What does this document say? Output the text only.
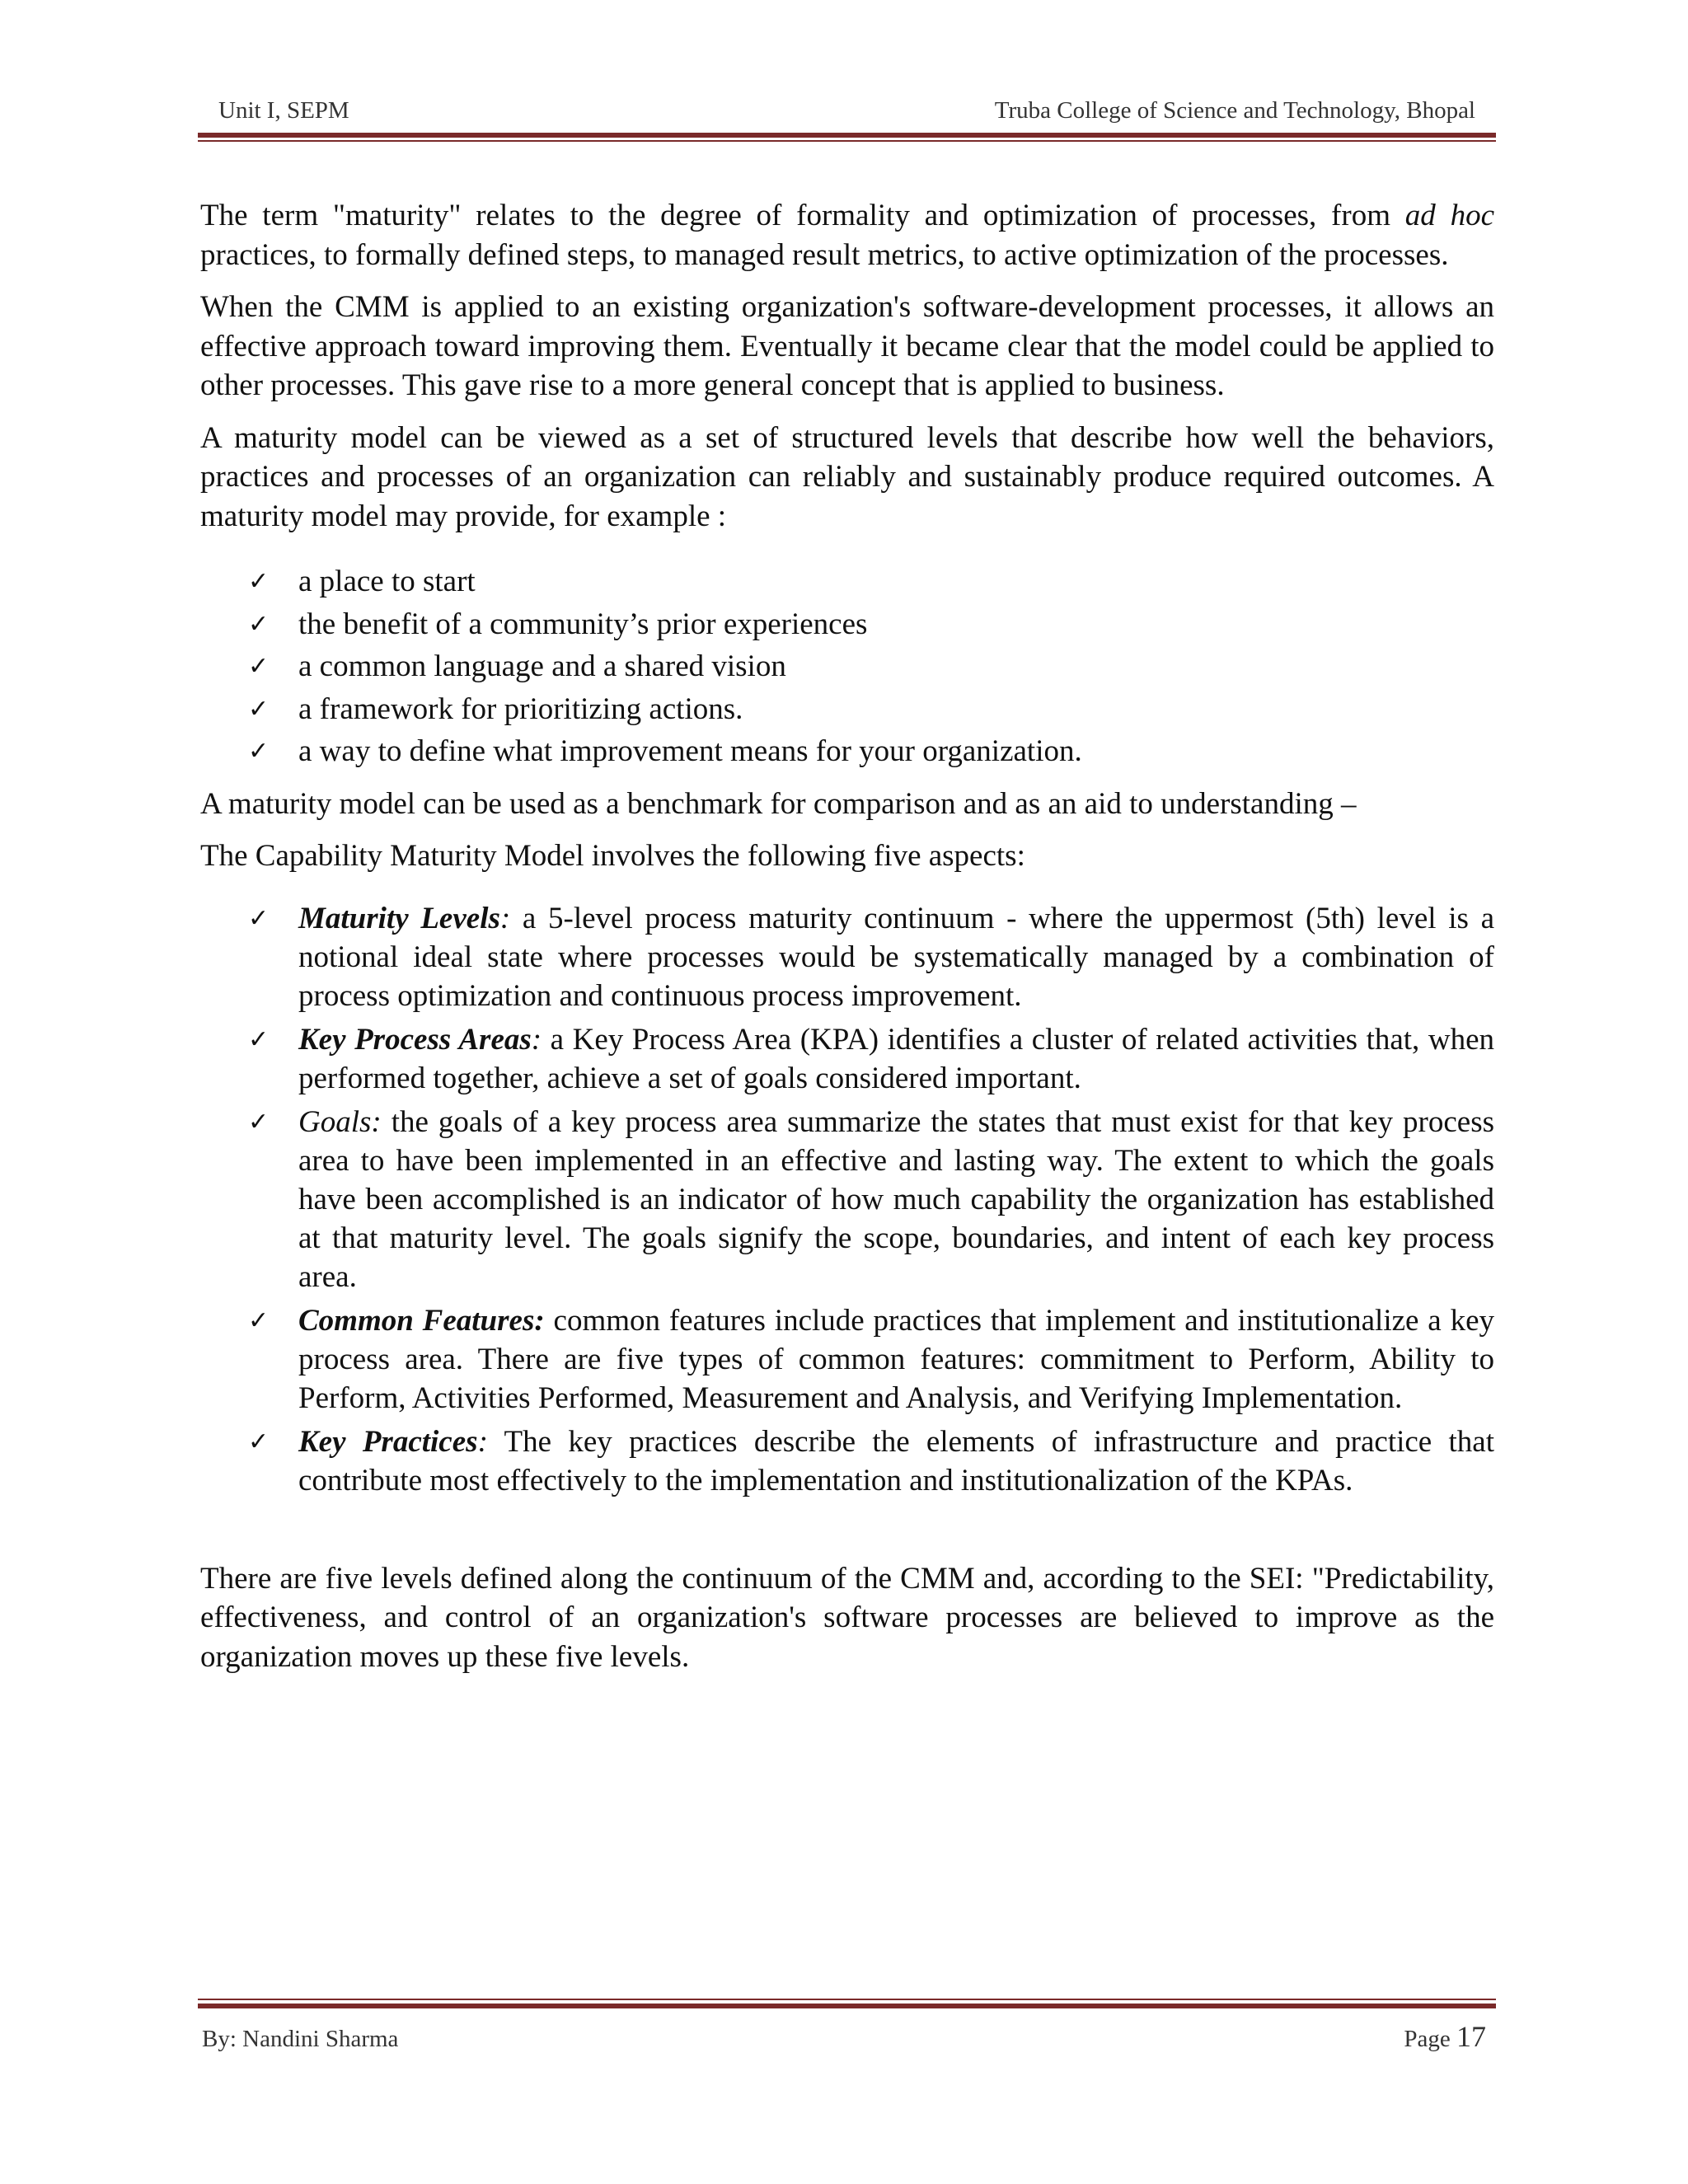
Unit I, SEPM	Truba College of Science and Technology, Bhopal

The term "maturity" relates to the degree of formality and optimization of processes, from ad hoc practices, to formally defined steps, to managed result metrics, to active optimization of the processes.

When the CMM is applied to an existing organization's software-development processes, it allows an effective approach toward improving them. Eventually it became clear that the model could be applied to other processes. This gave rise to a more general concept that is applied to business.

A maturity model can be viewed as a set of structured levels that describe how well the behaviors, practices and processes of an organization can reliably and sustainably produce required outcomes. A maturity model may provide, for example :

✓ a place to start
✓ the benefit of a community’s prior experiences
✓ a common language and a shared vision
✓ a framework for prioritizing actions.
✓ a way to define what improvement means for your organization.

A maturity model can be used as a benchmark for comparison and as an aid to understanding –

The Capability Maturity Model involves the following five aspects:

✓ Maturity Levels: a 5-level process maturity continuum - where the uppermost (5th) level is a notional ideal state where processes would be systematically managed by a combination of process optimization and continuous process improvement.
✓ Key Process Areas: a Key Process Area (KPA) identifies a cluster of related activities that, when performed together, achieve a set of goals considered important.
✓ Goals: the goals of a key process area summarize the states that must exist for that key process area to have been implemented in an effective and lasting way. The extent to which the goals have been accomplished is an indicator of how much capability the organization has established at that maturity level. The goals signify the scope, boundaries, and intent of each key process area.
✓ Common Features: common features include practices that implement and institutionalize a key process area. There are five types of common features: commitment to Perform, Ability to Perform, Activities Performed, Measurement and Analysis, and Verifying Implementation.
✓ Key Practices: The key practices describe the elements of infrastructure and practice that contribute most effectively to the implementation and institutionalization of the KPAs.

There are five levels defined along the continuum of the CMM and, according to the SEI: "Predictability, effectiveness, and control of an organization's software processes are believed to improve as the organization moves up these five levels.

By: Nandini Sharma	Page 17
